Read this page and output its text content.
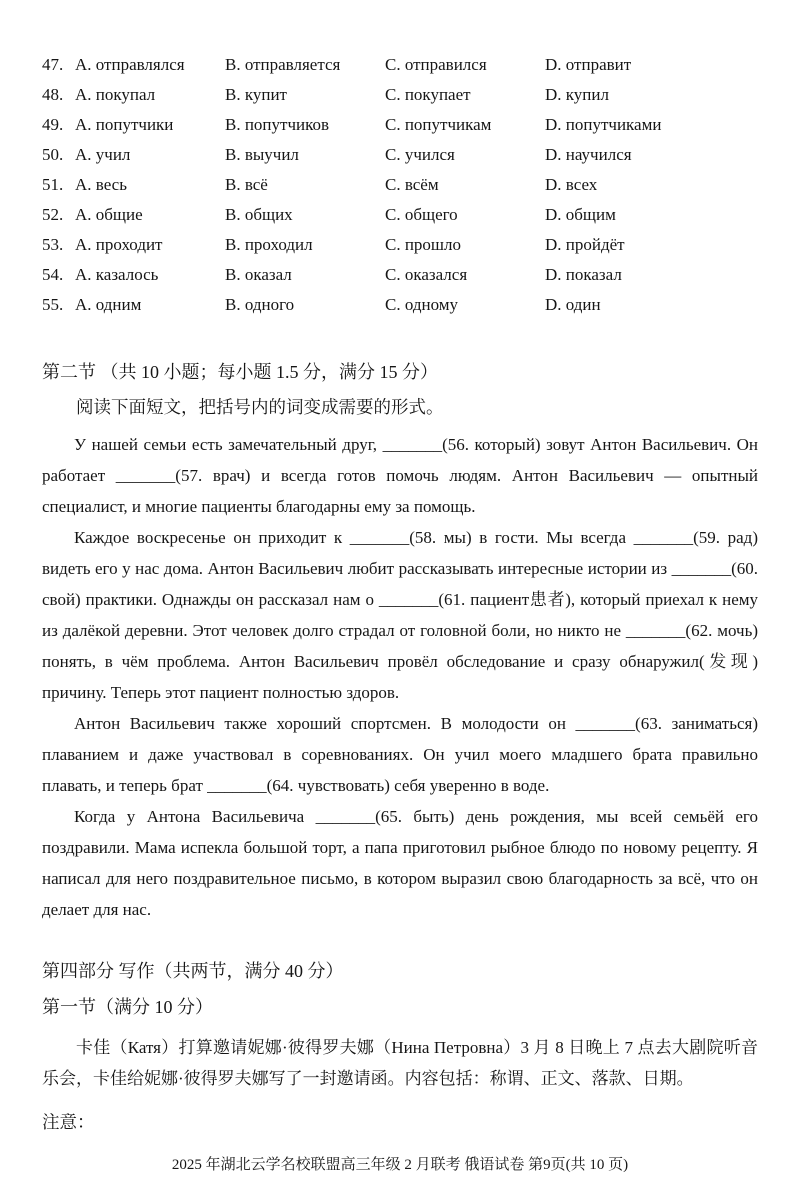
47. A. отправлялся	B. отправляется	C. отправился	D. отправит
48. A. покупал	B. купит	C. покупает	D. купил
49. A. попутчики	B. попутчиков	C. попутчикам	D. попутчиками
50. A. учил	B. выучил	C. учился	D. научился
51. A. весь	B. всё	C. всём	D. всех
52. A. общие	B. общих	C. общего	D. общим
53. A. проходит	B. проходил	C. прошло	D. пройдёт
54. A. казалось	B. оказал	C. оказался	D. показал
55. A. одним	B. одного	C. одному	D. один
第二节 （共 10 小题；每小题 1.5 分，满分 15 分）
阅读下面短文，把括号内的词变成需要的形式。

У нашей семьи есть замечательный друг, _______(56. который) зовут Антон Васильевич. Он работает _______(57. врач) и всегда готов помочь людям. Антон Васильевич — опытный специалист, и многие пациенты благодарны ему за помощь.

Каждое воскресенье он приходит к _______(58. мы) в гости. Мы всегда _______(59. рад) видеть его у нас дома. Антон Васильевич любит рассказывать интересные истории из _______(60. свой) практики. Однажды он рассказал нам о _______(61. пациент患者), который приехал к нему из далёкой деревни. Этот человек долго страдал от головной боли, но никто не _______(62. мочь) понять, в чём проблема. Антон Васильевич провёл обследование и сразу обнаружил(发现) причину. Теперь этот пациент полностью здоров.

Антон Васильевич также хороший спортсмен. В молодости он _______(63. заниматься) плаванием и даже участвовал в соревнованиях. Он учил моего младшего брата правильно плавать, и теперь брат _______(64. чувствовать) себя уверенно в воде.

Когда у Антона Васильевича _______(65. быть) день рождения, мы всей семьёй его поздравили. Мама испекла большой торт, а папа приготовил рыбное блюдо по новому рецепту. Я написал для него поздравительное письмо, в котором выразил свою благодарность за всё, что он делает для нас.

第四部分 写作（共两节，满分 40 分）
第一节（满分 10 分）

卡佳（Катя）打算邀请妮娜·彼得罗夫娜（Нина Петровна）3 月 8 日晚上 7 点去大剧院听音乐会，卡佳给妮娜·彼得罗夫娜写了一封邀请函。内容包括：称谓、正文、落款、日期。

注意：
2025 年湖北云学名校联盟高三年级 2 月联考 俄语试卷 第9页(共 10 页)
